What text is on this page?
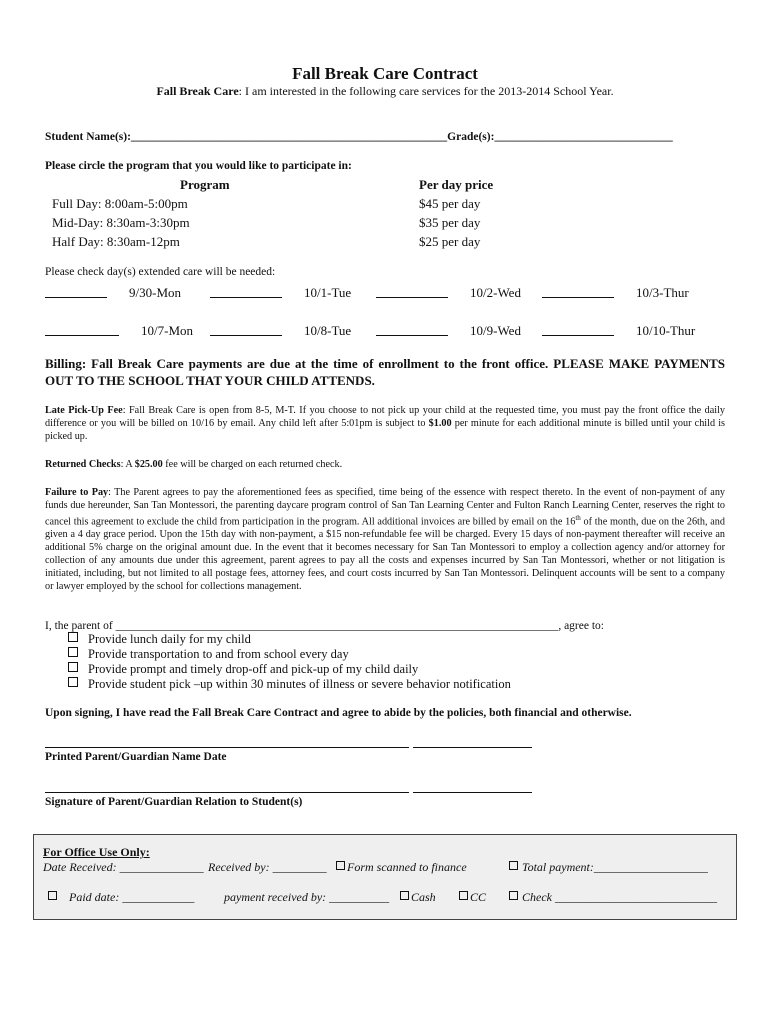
Fall Break Care Contract
Fall Break Care: I am interested in the following care services for the 2013-2014 School Year.
Student Name(s):_______________________________________________________Grade(s):_______________________________
Please circle the program that you would like to participate in:
Program	Per day price
Full Day: 8:00am-5:00pm	$45 per day
Mid-Day: 8:30am-3:30pm	$35 per day
Half Day: 8:30am-12pm	$25 per day
Please check day(s) extended care will be needed:
9/30-Mon	10/1-Tue	10/2-Wed	10/3-Thur
10/7-Mon	10/8-Tue	10/9-Wed	10/10-Thur
Billing: Fall Break Care payments are due at the time of enrollment to the front office. PLEASE MAKE PAYMENTS OUT TO THE SCHOOL THAT YOUR CHILD ATTENDS.
Late Pick-Up Fee: Fall Break Care is open from 8-5, M-T. If you choose to not pick up your child at the requested time, you must pay the front office the daily difference or you will be billed on 10/16 by email. Any child left after 5:01pm is subject to $1.00 per minute for each additional minute is billed until your child is picked up.
Returned Checks: A $25.00 fee will be charged on each returned check.
Failure to Pay: The Parent agrees to pay the aforementioned fees as specified, time being of the essence with respect thereto. In the event of non-payment of any funds due hereunder, San Tan Montessori, the parenting daycare program control of San Tan Learning Center and Fulton Ranch Learning Center, reserves the right to cancel this agreement to exclude the child from participation in the program. All additional invoices are billed by email on the 16th of the month, due on the 26th, and given a 4 day grace period. Upon the 15th day with non-payment, a $15 non-refundable fee will be charged. Every 15 days of non-payment thereafter will receive an additional 5% charge on the original amount due. In the event that it becomes necessary for San Tan Montessori to employ a collection agency and/or attorney for collection of any amounts due under this agreement, parent agrees to pay all the costs and expenses incurred by San Tan Montessori, whether or not litigation is initiated, including, but not limited to all postage fees, attorney fees, and court costs incurred by San Tan Montessori. Delinquent accounts will be sent to a company or lawyer employed by the school for collections management.
I, the parent of _____________________________________________________________________________, agree to:
Provide lunch daily for my child
Provide transportation to and from school every day
Provide prompt and timely drop-off and pick-up of my child daily
Provide student pick –up within 30 minutes of illness or severe behavior notification
Upon signing, I have read the Fall Break Care Contract and agree to abide by the policies, both financial and otherwise.
Printed Parent/Guardian Name Date
Signature of Parent/Guardian Relation to Student(s)
For Office Use Only:
Date Received: ______________ Received by: _________	Form scanned to finance	Total payment:___________________
Paid date: ____________ payment received by: __________	Cash	CC	Check ___________________________
